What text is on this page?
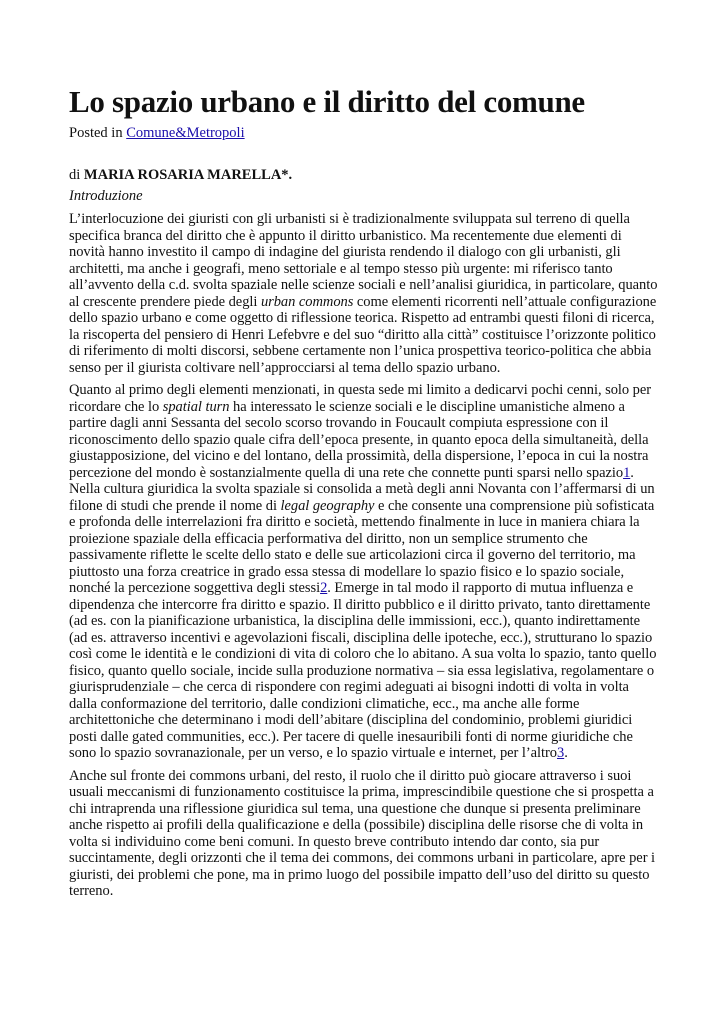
Lo spazio urbano e il diritto del comune
Posted in Comune&Metropoli
di MARIA ROSARIA MARELLA*.
Introduzione

L’interlocuzione dei giuristi con gli urbanisti si è tradizionalmente sviluppata sul terreno di quella specifica branca del diritto che è appunto il diritto urbanistico. Ma recentemente due elementi di novità hanno investito il campo di indagine del giurista rendendo il dialogo con gli urbanisti, gli architetti, ma anche i geografi, meno settoriale e al tempo stesso più urgente: mi riferisco tanto all’avvento della c.d. svolta spaziale nelle scienze sociali e nell’analisi giuridica, in particolare, quanto al crescente prendere piede degli urban commons come elementi ricorrenti nell’attuale configurazione dello spazio urbano e come oggetto di riflessione teorica. Rispetto ad entrambi questi filoni di ricerca, la riscoperta del pensiero di Henri Lefebvre e del suo “diritto alla città” costituisce l’orizzonte politico di riferimento di molti discorsi, sebbene certamente non l’unica prospettiva teorico-politica che abbia senso per il giurista coltivare nell’approcciarsi al tema dello spazio urbano.

Quanto al primo degli elementi menzionati, in questa sede mi limito a dedicarvi pochi cenni, solo per ricordare che lo spatial turn ha interessato le scienze sociali e le discipline umanistiche almeno a partire dagli anni Sessanta del secolo scorso trovando in Foucault compiuta espressione con il riconoscimento dello spazio quale cifra dell’epoca presente, in quanto epoca della simultaneità, della giustapposizione, del vicino e del lontano, della prossimità, della dispersione, l’epoca in cui la nostra percezione del mondo è sostanzialmente quella di una rete che connette punti sparsi nello spazio1. Nella cultura giuridica la svolta spaziale si consolida a metà degli anni Novanta con l’affermarsi di un filone di studi che prende il nome di legal geography e che consente una comprensione più sofisticata e profonda delle interrelazioni fra diritto e società, mettendo finalmente in luce in maniera chiara la proiezione spaziale della efficacia performativa del diritto, non un semplice strumento che passivamente riflette le scelte dello stato e delle sue articolazioni circa il governo del territorio, ma piuttosto una forza creatrice in grado essa stessa di modellare lo spazio fisico e lo spazio sociale, nonché la percezione soggettiva degli stessi2. Emerge in tal modo il rapporto di mutua influenza e dipendenza che intercorre fra diritto e spazio. Il diritto pubblico e il diritto privato, tanto direttamente (ad es. con la pianificazione urbanistica, la disciplina delle immissioni, ecc.), quanto indirettamente (ad es. attraverso incentivi e agevolazioni fiscali, disciplina delle ipoteche, ecc.), strutturano lo spazio così come le identità e le condizioni di vita di coloro che lo abitano. A sua volta lo spazio, tanto quello fisico, quanto quello sociale, incide sulla produzione normativa – sia essa legislativa, regolamentare o giurisprudenziale – che cerca di rispondere con regimi adeguati ai bisogni indotti di volta in volta dalla conformazione del territorio, dalle condizioni climatiche, ecc., ma anche alle forme architettoniche che determinano i modi dell’abitare (disciplina del condominio, problemi giuridici posti dalle gated communities, ecc.). Per tacere di quelle inesauribili fonti di norme giuridiche che sono lo spazio sovranazionale, per un verso, e lo spazio virtuale e internet, per l’altro3.

Anche sul fronte dei commons urbani, del resto, il ruolo che il diritto può giocare attraverso i suoi usuali meccanismi di funzionamento costituisce la prima, imprescindibile questione che si prospetta a chi intraprenda una riflessione giuridica sul tema, una questione che dunque si presenta preliminare anche rispetto ai profili della qualificazione e della (possibile) disciplina delle risorse che di volta in volta si individuino come beni comuni. In questo breve contributo intendo dar conto, sia pur succintamente, degli orizzonti che il tema dei commons, dei commons urbani in particolare, apre per i giuristi, dei problemi che pone, ma in primo luogo del possibile impatto dell’uso del diritto su questo terreno.
